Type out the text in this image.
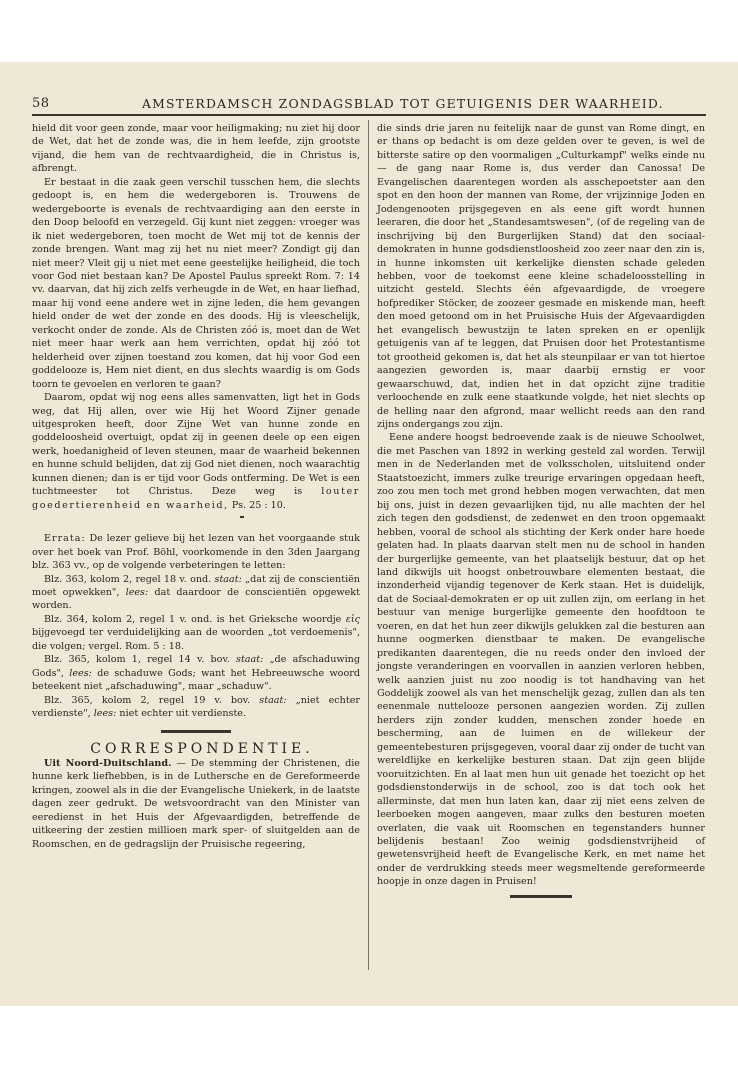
58	AMSTERDAMSCH ZONDAGSBLAD TOT GETUIGENIS DER WAARHEID.

hield dit voor geen zonde, maar voor heiligmaking; nu ziet hij door de Wet, dat het de zonde was, die in hem leefde, zijn grootste vijand, die hem van de rechtvaardigheid, die in Christus is, afbrengt.

Er bestaat in die zaak geen verschil tusschen hem, die slechts gedoopt is, en hem die wedergeboren is. Trouwens de wedergeboorte is evenals de rechtvaardiging aan den eerste in den Doop beloofd en verzegeld. Gij kunt niet zeggen: vroeger was ik niet wedergeboren, toen mocht de Wet mij tot de kennis der zonde brengen. Want mag zij het nu niet meer? Zondigt gij dan niet meer? Vleit gij u niet met eene geestelijke heiligheid, die toch voor God niet bestaan kan? De Apostel Paulus spreekt Rom. 7: 14 vv. daarvan, dat hij zich zelfs verheugde in de Wet, en haar liefhad, maar hij vond eene andere wet in zijne leden, die hem gevangen hield onder de wet der zonde en des doods. Hij is vleeschelijk, verkocht onder de zonde. Als de Christen zóó is, moet dan de Wet niet meer haar werk aan hem verrichten, opdat hij zóó tot helderheid over zijnen toestand zou komen, dat hij voor God een goddelooze is, Hem niet dient, en dus slechts waardig is om Gods toorn te gevoelen en verloren te gaan?

Daarom, opdat wij nog eens alles samenvatten, ligt het in Gods weg, dat Hij allen, over wie Hij het Woord Zijner genade uitgesproken heeft, door Zijne Wet van hunne zonde en goddeloosheid overtuigt, opdat zij in geenen deele op een eigen werk, hoedanigheid of leven steunen, maar de waarheid bekennen en hunne schuld belijden, dat zij God niet dienen, noch waarachtig kunnen dienen; dan is er tijd voor Gods ontferming. De Wet is een tuchtmeester tot Christus. Deze weg is louter goedertierenheid en waarheid, Ps. 25 : 10.

Errata: De lezer gelieve bij het lezen van het voorgaande stuk over het boek van Prof. Böhl, voorkomende in den 3den Jaargang blz. 363 vv., op de volgende verbeteringen te letten:

Blz. 363, kolom 2, regel 18 v. ond. staat: „dat zij de conscientiën moet opwekken", lees: dat daardoor de conscientiën opgewekt worden.

Blz. 364, kolom 2, regel 1 v. ond. is het Grieksche woordje εἰς bijgevoegd ter verduidelijking aan de woorden „tot verdoemenis", die volgen; vergel. Rom. 5 : 18.

Blz. 365, kolom 1, regel 14 v. bov. staat: „de afschaduwing Gods", lees: de schaduwe Gods; want het Hebreeuwsche woord beteekent niet „afschaduwing", maar „schaduw".

Blz. 365, kolom 2, regel 19 v. bov. staat: „niet echter verdienste", lees: niet echter uit verdienste.

CORRESPONDENTIE.

Uit Noord-Duitschland. — De stemming der Christenen, die hunne kerk liefhebben, is in de Luthersche en de Gereformeerde kringen, zoowel als in die der Evangelische Uniekerk, in de laatste dagen zeer gedrukt. De wetsvoordracht van den Minister van eeredienst in het Huis der Afgevaardigden, betreffende de uitkeering der zestien millioen mark sper- of sluitgelden aan de Roomschen, en de gedragslijn der Pruisische regeering,

die sinds drie jaren nu feitelijk naar de gunst van Rome dingt, en er thans op bedacht is om deze gelden over te geven, is wel de bitterste satire op den voormaligen „Culturkampf" welks einde nu — de gang naar Rome is, dus verder dan Canossa! De Evangelischen daarentegen worden als asschepoetster aan den spot en den hoon der mannen van Rome, der vrijzinnige Joden en Jodengenooten prijsgegeven en als eene gift wordt hunnen leeraren, die door het „Standesamtswesen", (of de regeling van de inschrijving bij den Burgerlijken Stand) dat den sociaal-demokraten in hunne godsdienstloosheid zoo zeer naar den zin is, in hunne inkomsten uit kerkelijke diensten schade geleden hebben, voor de toekomst eene kleine schadeloosstelling in uitzicht gesteld. Slechts één afgevaardigde, de vroegere hofprediker Stöcker, de zoozeer gesmade en miskende man, heeft den moed getoond om in het Pruisische Huis der Afgevaardigden het evangelisch bewustzijn te laten spreken en er openlijk getuigenis van af te leggen, dat Pruisen door het Protestantisme tot grootheid gekomen is, dat het als steunpilaar er van tot hiertoe aangezien geworden is, maar daarbij ernstig er voor gewaarschuwd, dat, indien het in dat opzicht zijne traditie verloochende en zulk eene staatkunde volgde, het niet slechts op de helling naar den afgrond, maar wellicht reeds aan den rand zijns ondergangs zou zijn.

Eene andere hoogst bedroevende zaak is de nieuwe Schoolwet, die met Paschen van 1892 in werking gesteld zal worden. Terwijl men in de Nederlanden met de volksscholen, uitsluitend onder Staatstoezicht, immers zulke treurige ervaringen opgedaan heeft, zoo zou men toch met grond hebben mogen verwachten, dat men bij ons, juist in dezen gevaarlijken tijd, nu alle machten der hel zich tegen den godsdienst, de zedenwet en den troon opgemaakt hebben, vooral de school als stichting der Kerk onder hare hoede gelaten had. In plaats daarvan stelt men nu de school in handen der burgerlijke gemeente, van het plaatselijk bestuur, dat op het land dikwijls uit hoogst onbetrouwbare elementen bestaat, die inzonderheid vijandig tegenover de Kerk staan. Het is duidelijk, dat de Sociaal-demokraten er op uit zullen zijn, om eerlang in het bestuur van menige burgerlijke gemeente den hoofdtoon te voeren, en dat het hun zeer dikwijls gelukken zal die besturen aan hunne oogmerken dienstbaar te maken. De evangelische predikanten daarentegen, die nu reeds onder den invloed der jongste veranderingen en voorvallen in aanzien verloren hebben, welk aanzien juist nu zoo noodig is tot handhaving van het Goddelijk zoowel als van het menschelijk gezag, zullen dan als ten eenenmale nuttelooze personen aangezien worden. Zij zullen herders zijn zonder kudden, menschen zonder hoede en bescherming, aan de luimen en de willekeur der gemeentebesturen prijsgegeven, vooral daar zij onder de tucht van wereldlijke en kerkelijke besturen staan. Dat zijn geen blijde vooruitzichten. En al laat men hun uit genade het toezicht op het godsdienstonderwijs in de school, zoo is dat toch ook het allerminste, dat men hun laten kan, daar zij niet eens zelven de leerboeken mogen aangeven, maar zulks den besturen moeten overlaten, die vaak uit Roomschen en tegenstanders hunner belijdenis bestaan! Zoo weinig godsdienstvrijheid of gewetensvrijheid heeft de Evangelische Kerk, en met name het onder de verdrukking steeds meer wegsmeltende gereformeerde hoopje in onze dagen in Pruisen!
